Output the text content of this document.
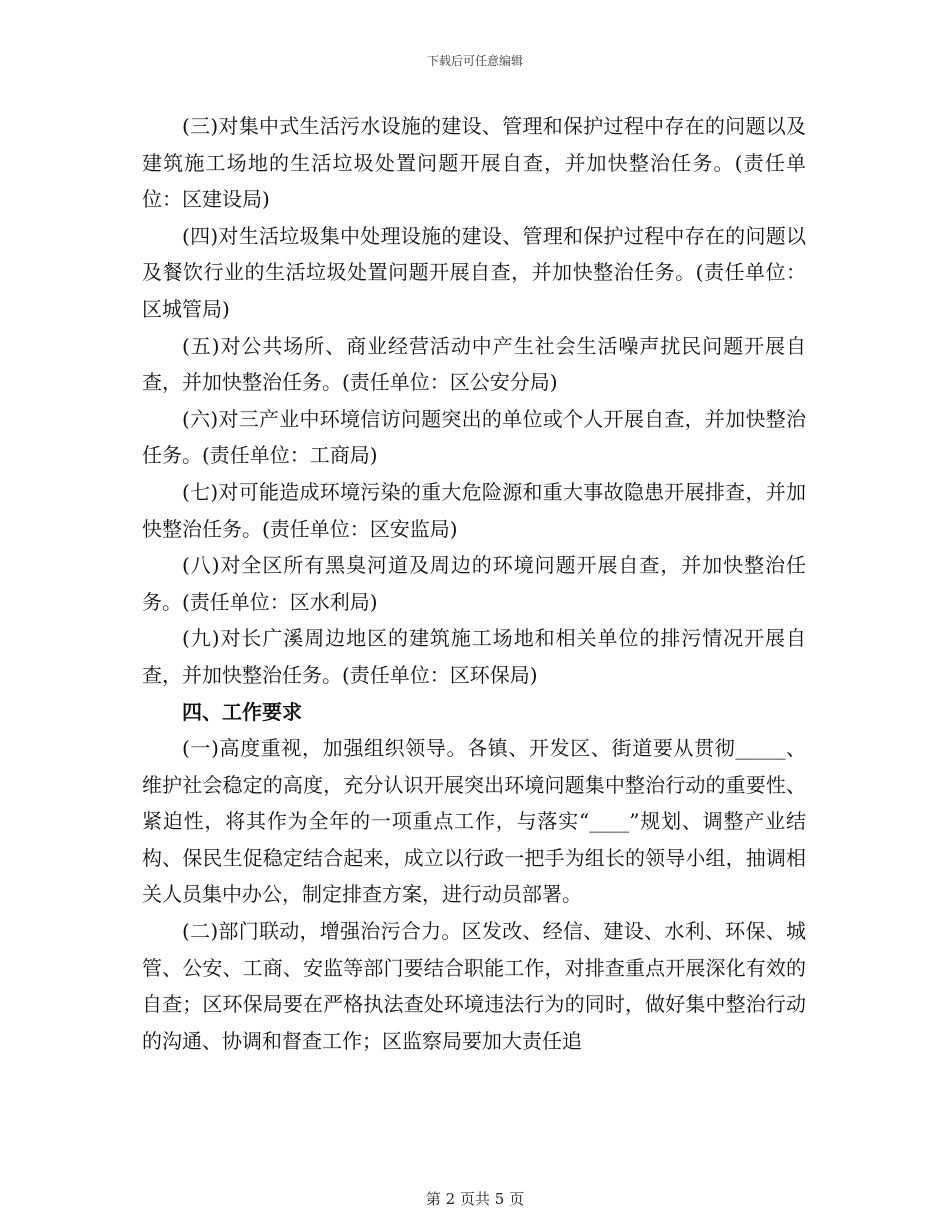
下载后可任意编辑

(三)对集中式生活污水设施的建设、管理和保护过程中存在的问题以及建筑施工场地的生活垃圾处置问题开展自查，并加快整治任务。(责任单位：区建设局)

(四)对生活垃圾集中处理设施的建设、管理和保护过程中存在的问题以及餐饮行业的生活垃圾处置问题开展自查，并加快整治任务。(责任单位：区城管局)

(五)对公共场所、商业经营活动中产生社会生活噪声扰民问题开展自查，并加快整治任务。(责任单位：区公安分局)

(六)对三产业中环境信访问题突出的单位或个人开展自查，并加快整治任务。(责任单位：工商局)

(七)对可能造成环境污染的重大危险源和重大事故隐患开展排查，并加快整治任务。(责任单位：区安监局)

(八)对全区所有黑臭河道及周边的环境问题开展自查，并加快整治任务。(责任单位：区水利局)

(九)对长广溪周边地区的建筑施工场地和相关单位的排污情况开展自查，并加快整治任务。(责任单位：区环保局)

四、工作要求

(一)高度重视，加强组织领导。各镇、开发区、街道要从贯彻_____、维护社会稳定的高度，充分认识开展突出环境问题集中整治行动的重要性、紧迫性，将其作为全年的一项重点工作，与落实“____”规划、调整产业结构、保民生促稳定结合起来，成立以行政一把手为组长的领导小组，抽调相关人员集中办公，制定排查方案，进行动员部署。

(二)部门联动，增强治污合力。区发改、经信、建设、水利、环保、城管、公安、工商、安监等部门要结合职能工作，对排查重点开展深化有效的自查；区环保局要在严格执法查处环境违法行为的同时，做好集中整治行动的沟通、协调和督查工作；区监察局要加大责任追

第 2 页共 5 页
